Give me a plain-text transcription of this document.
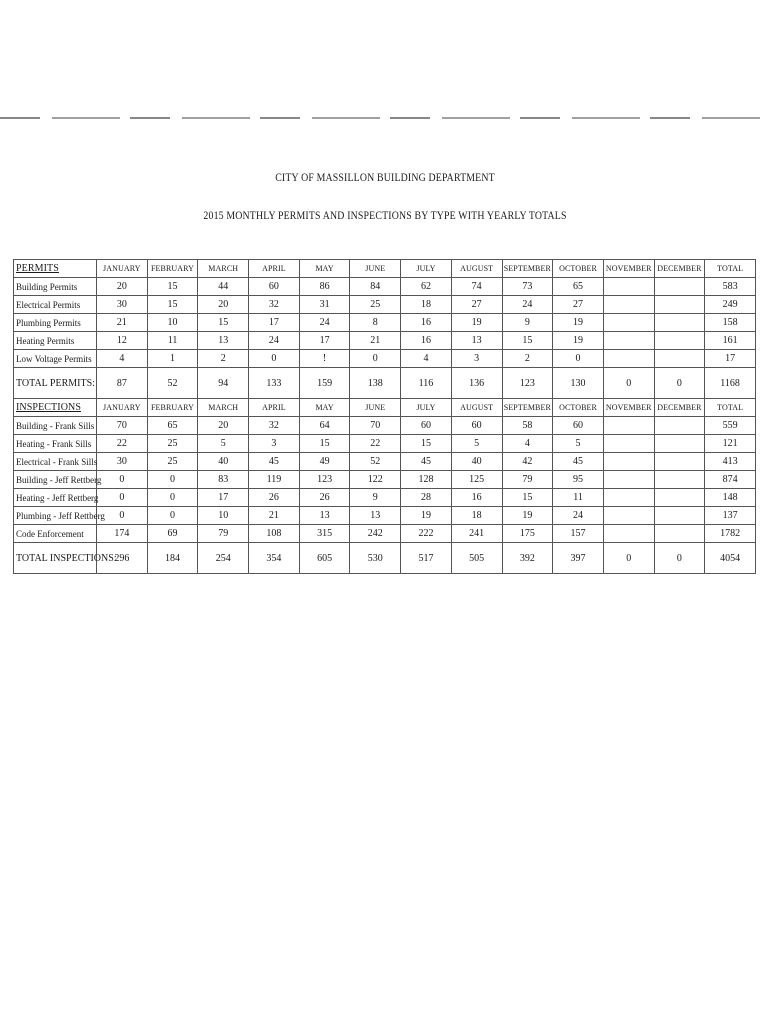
CITY OF MASSILLON BUILDING DEPARTMENT
2015 MONTHLY PERMITS AND INSPECTIONS BY TYPE WITH YEARLY TOTALS
PERMITS	JANUARY	FEBRUARY	MARCH	APRIL	MAY	JUNE	JULY	AUGUST	SEPTEMBER	OCTOBER	NOVEMBER	DECEMBER	TOTAL
Building Permits	20	15	44	60	86	84	62	74	73	65			583
Electrical Permits	30	15	20	32	31	25	18	27	24	27			249
Plumbing Permits	21	10	15	17	24	8	16	19	9	19			158
Heating Permits	12	11	13	24	17	21	16	13	15	19			161
Low Voltage Permits	4	1	2	0	!	0	4	3	2	0			17
TOTAL PERMITS:	87	52	94	133	159	138	116	136	123	130	0	0	1168
INSPECTIONS	JANUARY	FEBRUARY	MARCH	APRIL	MAY	JUNE	JULY	AUGUST	SEPTEMBER	OCTOBER	NOVEMBER	DECEMBER	TOTAL
Building - Frank Sills	70	65	20	32	64	70	60	60	58	60			559
Heating - Frank Sills	22	25	5	3	15	22	15	5	4	5			121
Electrical - Frank Sills	30	25	40	45	49	52	45	40	42	45			413
Building - Jeff Rettberg	0	0	83	119	123	122	128	125	79	95			874
Heating - Jeff Rettberg	0	0	17	26	26	9	28	16	15	11			148
Plumbing - Jeff Rettberg	0	0	10	21	13	13	19	18	19	24			137
Code Enforcement	174	69	79	108	315	242	222	241	175	157			1782
TOTAL INSPECTIONS:	296	184	254	354	605	530	517	505	392	397	0	0	4054
